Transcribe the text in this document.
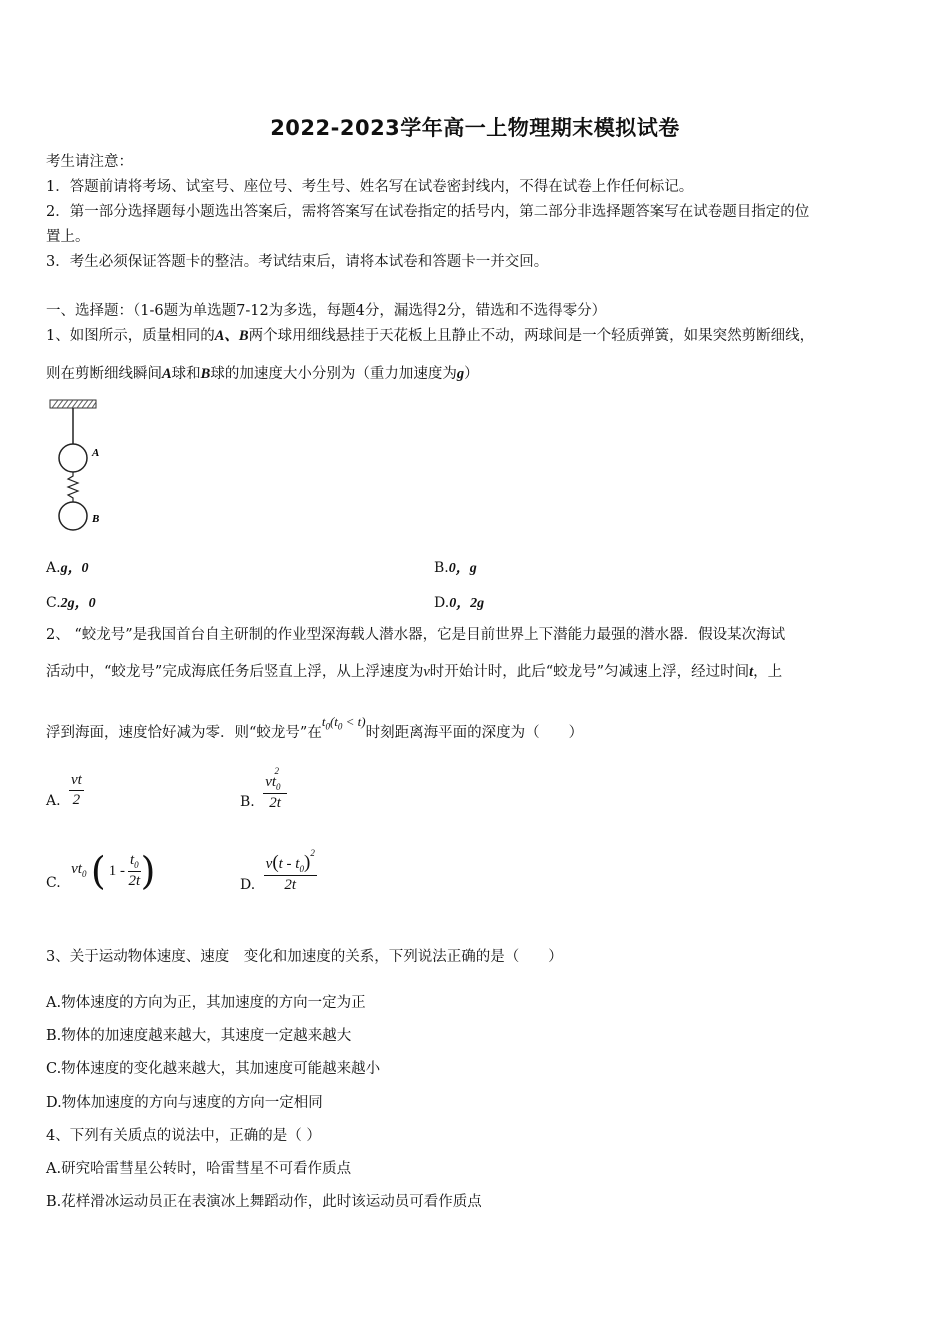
2022-2023学年高一上物理期末模拟试卷
考生请注意：
1．答题前请将考场、试室号、座位号、考生号、姓名写在试卷密封线内，不得在试卷上作任何标记。
2．第一部分选择题每小题选出答案后，需将答案写在试卷指定的括号内，第二部分非选择题答案写在试卷题目指定的位
置上。
3．考生必须保证答题卡的整洁。考试结束后，请将本试卷和答题卡一并交回。
一、选择题：（1-6题为单选题7-12为多选，每题4分，漏选得2分，错选和不选得零分）
1、如图所示，质量相同的A、B两个球用细线悬挂于天花板上且静止不动，两球间是一个轻质弹簧，如果突然剪断细线，
则在剪断细线瞬间A球和B球的加速度大小分别为（重力加速度为g）
A
B
A.g，0	B.0，g
C.2g，0	D.0，2g
2、 “蛟龙号”是我国首台自主研制的作业型深海载人潜水器，它是目前世界上下潜能力最强的潜水器．假设某次海试
活动中，“蛟龙号”完成海底任务后竖直上浮，从上浮速度为v时开始计时，此后“蛟龙号”匀减速上浮，经过时间t，上
浮到海面，速度恰好减为零．则“蛟龙号”在$t_0(t_0 < t)$时刻距离海平面的深度为（　　）
A. $\frac{vt}{2}$	B. $\frac{vt_0^2}{2t}$
C. $vt_0$ ( $1 - \frac{t_0}{2t}$ )	D. $\frac{v(t - t_0)^2}{2t}$
3、关于运动物体速度、速度　变化和加速度的关系，下列说法正确的是（　　）
A.物体速度的方向为正，其加速度的方向一定为正
B.物体的加速度越来越大，其速度一定越来越大
C.物体速度的变化越来越大，其加速度可能越来越小
D.物体加速度的方向与速度的方向一定相同
4、下列有关质点的说法中，正确的是（ ）
A.研究哈雷彗星公转时，哈雷彗星不可看作质点
B.花样滑冰运动员正在表演冰上舞蹈动作，此时该运动员可看作质点
